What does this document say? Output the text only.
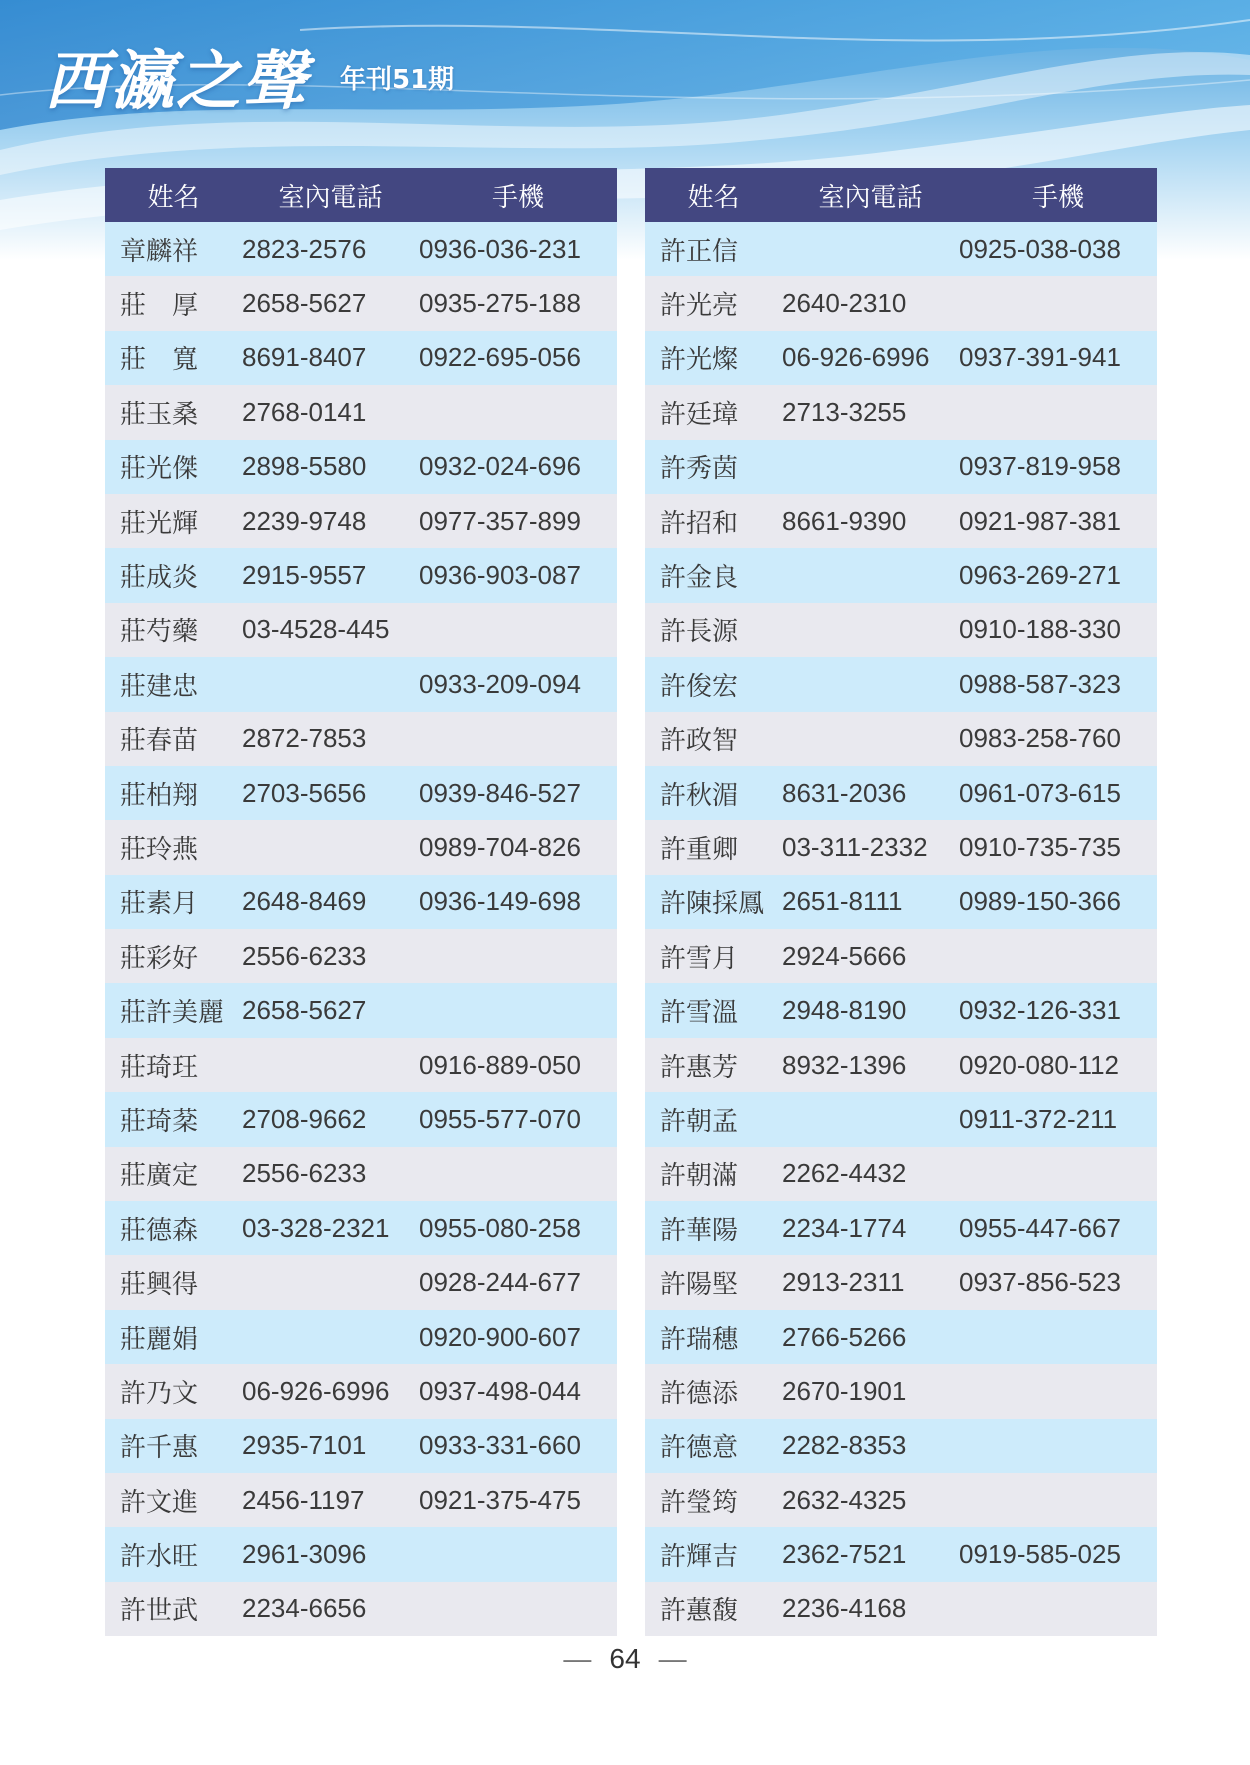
西瀛之聲	年刊51期
姓名	室內電話	手機
章麟祥	2823-2576	0936-036-231
莊　厚	2658-5627	0935-275-188
莊　寬	8691-8407	0922-695-056
莊玉桑	2768-0141	
莊光傑	2898-5580	0932-024-696
莊光輝	2239-9748	0977-357-899
莊成炎	2915-9557	0936-903-087
莊芍藥	03-4528-445	
莊建忠		0933-209-094
莊春苗	2872-7853	
莊柏翔	2703-5656	0939-846-527
莊玲燕		0989-704-826
莊素月	2648-8469	0936-149-698
莊彩好	2556-6233	
莊許美麗	2658-5627	
莊琦玨		0916-889-050
莊琦棻	2708-9662	0955-577-070
莊廣定	2556-6233	
莊德森	03-328-2321	0955-080-258
莊興得		0928-244-677
莊麗娟		0920-900-607
許乃文	06-926-6996	0937-498-044
許千惠	2935-7101	0933-331-660
許文進	2456-1197	0921-375-475
許水旺	2961-3096	
許世武	2234-6656	
姓名	室內電話	手機
許正信		0925-038-038
許光亮	2640-2310	
許光燦	06-926-6996	0937-391-941
許廷璋	2713-3255	
許秀茵		0937-819-958
許招和	8661-9390	0921-987-381
許金良		0963-269-271
許長源		0910-188-330
許俊宏		0988-587-323
許政智		0983-258-760
許秋湄	8631-2036	0961-073-615
許重卿	03-311-2332	0910-735-735
許陳採鳳	2651-8111	0989-150-366
許雪月	2924-5666	
許雪溫	2948-8190	0932-126-331
許惠芳	8932-1396	0920-080-112
許朝孟		0911-372-211
許朝滿	2262-4432	
許華陽	2234-1774	0955-447-667
許陽堅	2913-2311	0937-856-523
許瑞穗	2766-5266	
許德添	2670-1901	
許德意	2282-8353	
許瑩筠	2632-4325	
許輝吉	2362-7521	0919-585-025
許蕙馥	2236-4168	
— 64 —
